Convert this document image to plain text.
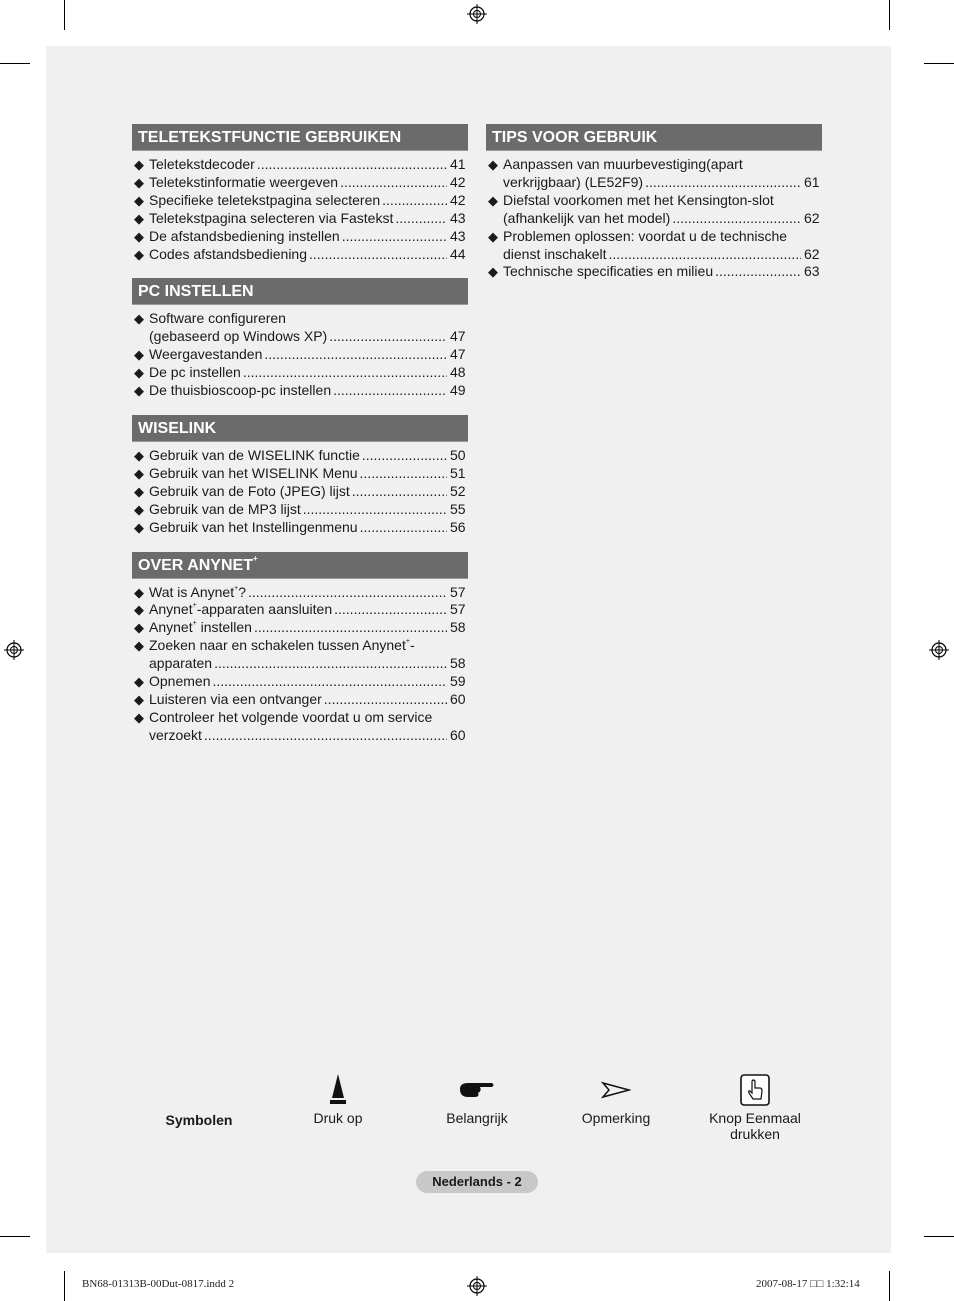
TELETEKSTFUNCTIE GEBRUIKEN
◆ Teletekstdecoder .....	41
◆ Teletekstinformatie weergeven .....	42
◆ Specifieke teletekstpagina selecteren .....	42
◆ Teletekstpagina selecteren via Fastekst .....	43
◆ De afstandsbediening instellen .....	43
◆ Codes afstandsbediening .....	44
PC INSTELLEN
◆ Software configureren
(gebaseerd op Windows XP) .....	47
◆ Weergavestanden .....	47
◆ De pc instellen .....	48
◆ De thuisbioscoop-pc instellen .....	49
WISELINK
◆ Gebruik van de WISELINK functie .....	50
◆ Gebruik van het WISELINK Menu .....	51
◆ Gebruik van de Foto (JPEG) lijst .....	52
◆ Gebruik van de MP3 lijst .....	55
◆ Gebruik van het Instellingenmenu .....	56
OVER ANYNET+
◆ Wat is Anynet+? .....	57
◆ Anynet+-apparaten aansluiten .....	57
◆ Anynet+ instellen .....	58
◆ Zoeken naar en schakelen tussen Anynet+-
apparaten .....	58
◆ Opnemen .....	59
◆ Luisteren via een ontvanger .....	60
◆ Controleer het volgende voordat u om service
verzoekt .....	60
TIPS VOOR GEBRUIK
◆ Aanpassen van muurbevestiging(apart
verkrijgbaar) (LE52F9) .....	61
◆ Diefstal voorkomen met het Kensington-slot
(afhankelijk van het model) .....	62
◆ Problemen oplossen: voordat u de technische
dienst inschakelt .....	62
◆ Technische specificaties en milieu .....	63
Symbolen	Druk op	Belangrijk	Opmerking	Knop Eenmaal drukken
Nederlands - 2
BN68-01313B-00Dut-0817.indd 2	2007-08-17 □□ 1:32:14
